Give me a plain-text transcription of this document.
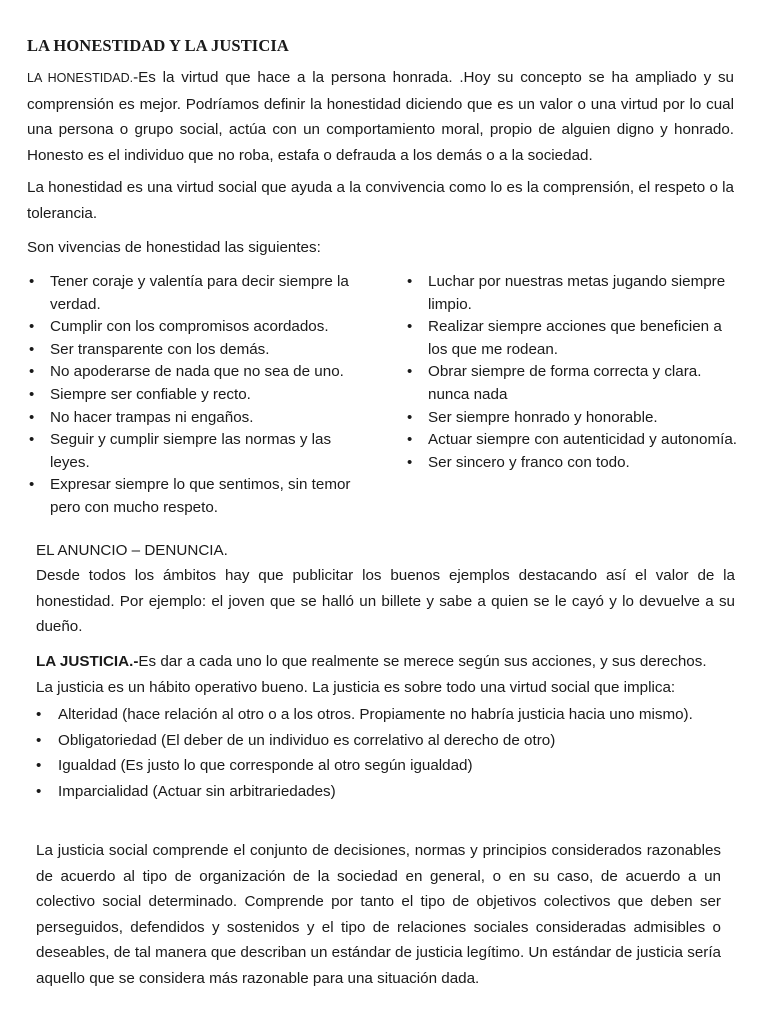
LA HONESTIDAD Y LA JUSTICIA

LA HONESTIDAD.-Es la virtud que hace a la persona honrada. .Hoy su concepto se ha ampliado y su comprensión es mejor. Podríamos definir la honestidad diciendo que es un valor o una virtud por lo cual una persona o grupo social, actúa con un comportamiento moral, propio de alguien digno y honrado. Honesto es el individuo que no roba, estafa o defrauda a los demás o a la sociedad.

La honestidad es una virtud social que ayuda a la convivencia como lo es la comprensión, el respeto o la tolerancia.

Son vivencias de honestidad las siguientes:

• Tener coraje y valentía para decir siempre la verdad.
• Cumplir con los compromisos acordados.
• Ser transparente con los demás.
• No apoderarse de nada que no sea de uno.
• Siempre ser confiable y recto.
• No hacer trampas ni engaños.
• Seguir y cumplir siempre las normas y las leyes.
• Expresar siempre lo que sentimos, sin temor pero con mucho respeto.
• Luchar por nuestras metas jugando siempre limpio.
• Realizar siempre acciones que beneficien a los que me rodean.
• Obrar siempre de forma correcta y clara. nunca nada
• Ser siempre honrado y honorable.
• Actuar siempre con autenticidad y autonomía.
• Ser sincero y franco con todo.

EL ANUNCIO – DENUNCIA.

Desde todos los ámbitos hay que publicitar los buenos ejemplos destacando así el valor de la honestidad. Por ejemplo: el joven que se halló un billete y sabe a quien se le cayó y lo devuelve a su dueño.

LA JUSTICIA.-Es dar a cada uno lo que realmente se merece según sus acciones, y sus derechos.

La justicia es un hábito operativo bueno. La justicia es sobre todo una virtud social que implica:

• Alteridad (hace relación al otro o a los otros. Propiamente no habría justicia hacia uno mismo).
• Obligatoriedad (El deber de un individuo es correlativo al derecho de otro)
• Igualdad (Es justo lo que corresponde al otro según igualdad)
• Imparcialidad (Actuar sin arbitrariedades)

La justicia social comprende el conjunto de decisiones, normas y principios considerados razonables de acuerdo al tipo de organización de la sociedad en general, o en su caso, de acuerdo a un colectivo social determinado. Comprende por tanto el tipo de objetivos colectivos que deben ser perseguidos, defendidos y sostenidos y el tipo de relaciones sociales consideradas admisibles o deseables, de tal manera que describan un estándar de justicia legítimo. Un estándar de justicia sería aquello que se considera más razonable para una situación dada.
